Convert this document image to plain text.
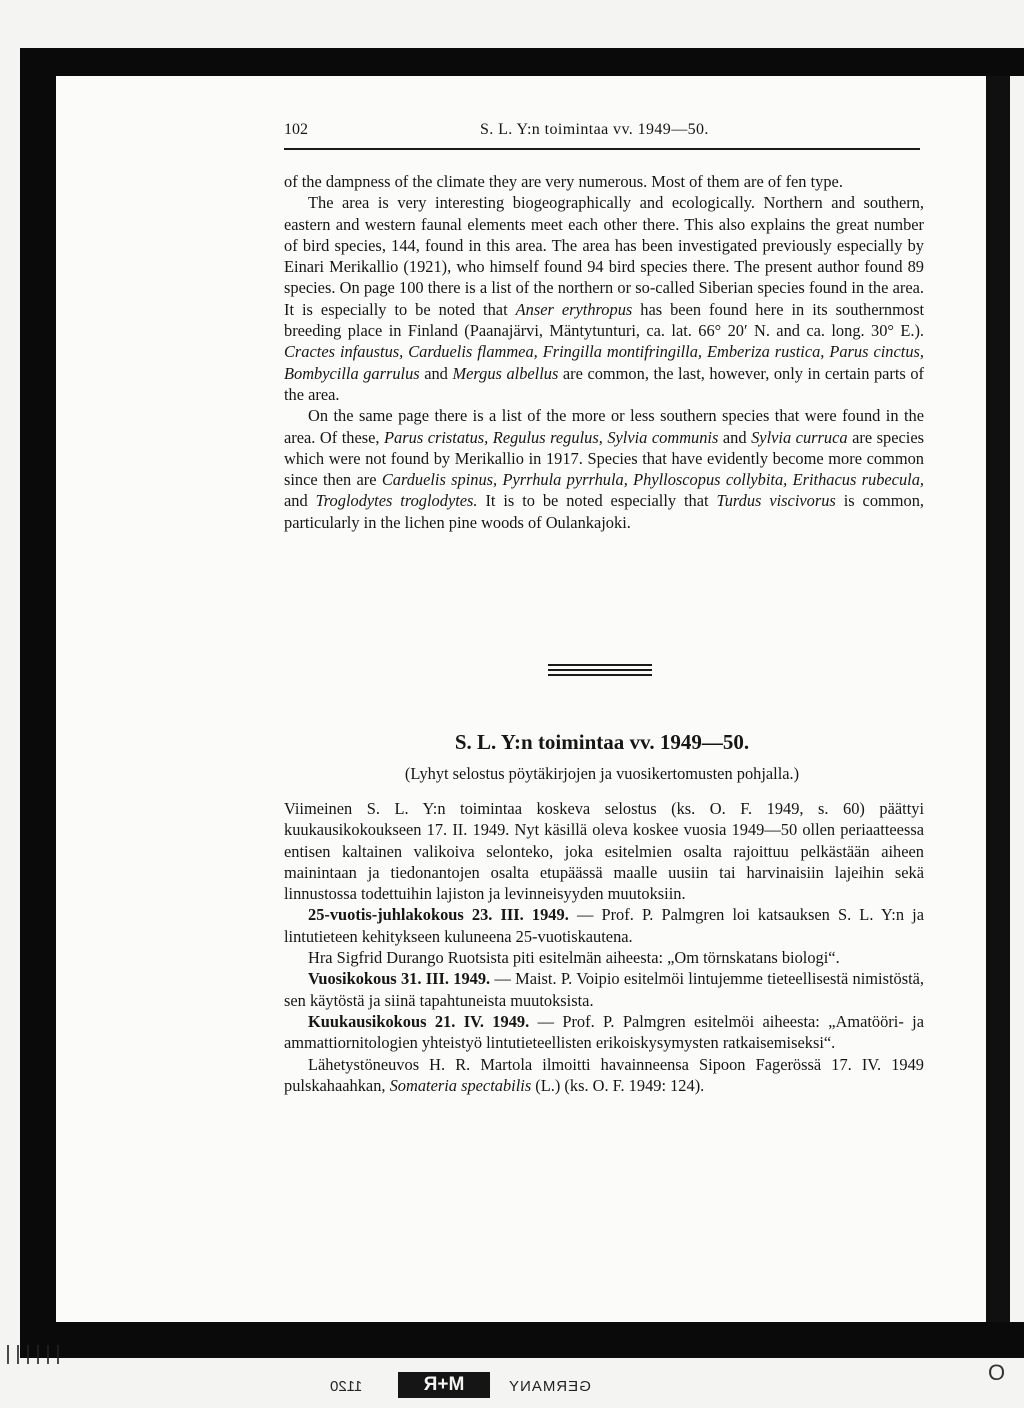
||||||
O
102	S. L. Y:n toimintaa vv. 1949—50.

of the dampness of the climate they are very numerous. Most of them are of fen type.

The area is very interesting biogeographically and ecologically. Northern and southern, eastern and western faunal elements meet each other there. This also explains the great number of bird species, 144, found in this area. The area has been investigated previously especially by Einari Merikallio (1921), who himself found 94 bird species there. The present author found 89 species. On page 100 there is a list of the northern or so-called Siberian species found in the area. It is especially to be noted that Anser erythropus has been found here in its southernmost breeding place in Finland (Paanajärvi, Mäntytunturi, ca. lat. 66° 20′ N. and ca. long. 30° E.). Cractes infaustus, Carduelis flammea, Fringilla montifringilla, Emberiza rustica, Parus cinctus, Bombycilla garrulus and Mergus albellus are common, the last, however, only in certain parts of the area.

On the same page there is a list of the more or less southern species that were found in the area. Of these, Parus cristatus, Regulus regulus, Sylvia communis and Sylvia curruca are species which were not found by Merikallio in 1917. Species that have evidently become more common since then are Carduelis spinus, Pyrrhula pyrrhula, Phylloscopus collybita, Erithacus rubecula, and Troglodytes troglodytes. It is to be noted especially that Turdus viscivorus is common, particularly in the lichen pine woods of Oulankajoki.

S. L. Y:n toimintaa vv. 1949—50.
(Lyhyt selostus pöytäkirjojen ja vuosikertomusten pohjalla.)

Viimeinen S. L. Y:n toimintaa koskeva selostus (ks. O. F. 1949, s. 60) päättyi kuukausikokoukseen 17. II. 1949. Nyt käsillä oleva koskee vuosia 1949—50 ollen periaatteessa entisen kaltainen valikoiva selonteko, joka esitelmien osalta rajoittuu pelkästään aiheen mainintaan ja tiedonantojen osalta etupäässä maalle uusiin tai harvinaisiin lajeihin sekä linnustossa todettuihin lajiston ja levinneisyyden muutoksiin.

25-vuotis-juhlakokous 23. III. 1949. — Prof. P. Palmgren loi katsauksen S. L. Y:n ja lintutieteen kehitykseen kuluneena 25-vuotiskautena.

Hra Sigfrid Durango Ruotsista piti esitelmän aiheesta: „Om törnskatans biologi“.

Vuosikokous 31. III. 1949. — Maist. P. Voipio esitelmöi lintujemme tieteellisestä nimistöstä, sen käytöstä ja siinä tapahtuneista muutoksista.

Kuukausikokous 21. IV. 1949. — Prof. P. Palmgren esitelmöi aiheesta: „Amatööri- ja ammattiornitologien yhteistyö lintutieteellisten erikoiskysymysten ratkaisemiseksi“.

Lähetystöneuvos H. R. Martola ilmoitti havainneensa Sipoon Fagerössä 17. IV. 1949 pulskahaahkan, Somateria spectabilis (L.) (ks. O. F. 1949: 124).

1120	M+R	GERMANY
